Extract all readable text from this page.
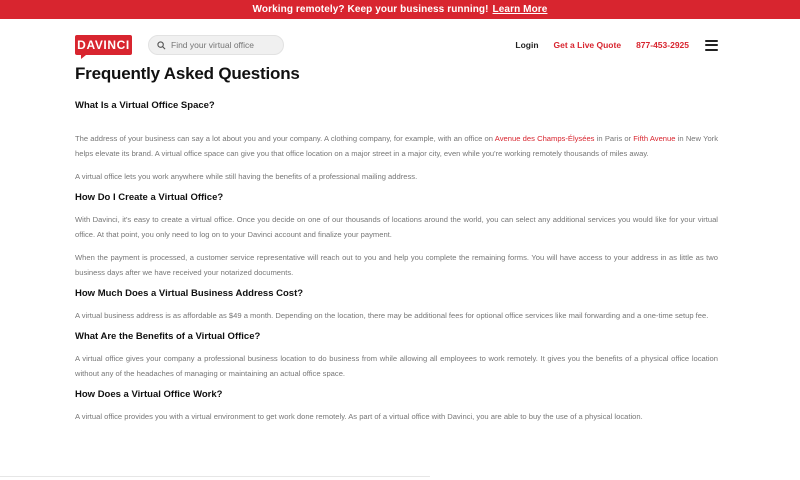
Working remotely? Keep your business running! Learn More
DAVINCI
Find your virtual office	Login Get a Live Quote 877-453-2925
Frequently Asked Questions
What Is a Virtual Office Space?

The address of your business can say a lot about you and your company. A clothing company, for example, with an office on Avenue des Champs-Élysées in Paris or Fifth Avenue in New York helps elevate its brand. A virtual office space can give you that office location on a major street in a major city, even while you're working remotely thousands of miles away.

A virtual office lets you work anywhere while still having the benefits of a professional mailing address.

How Do I Create a Virtual Office?

With Davinci, it's easy to create a virtual office. Once you decide on one of our thousands of locations around the world, you can select any additional services you would like for your virtual office. At that point, you only need to log on to your Davinci account and finalize your payment.

When the payment is processed, a customer service representative will reach out to you and help you complete the remaining forms. You will have access to your address in as little as two business days after we have received your notarized documents.

How Much Does a Virtual Business Address Cost?

A virtual business address is as affordable as $49 a month. Depending on the location, there may be additional fees for optional office services like mail forwarding and a one-time setup fee.

What Are the Benefits of a Virtual Office?

A virtual office gives your company a professional business location to do business from while allowing all employees to work remotely. It gives you the benefits of a physical office location without any of the headaches of managing or maintaining an actual office space.

How Does a Virtual Office Work?

A virtual office provides you with a virtual environment to get work done remotely. As part of a virtual office with Davinci, you are able to buy the use of a physical location.
